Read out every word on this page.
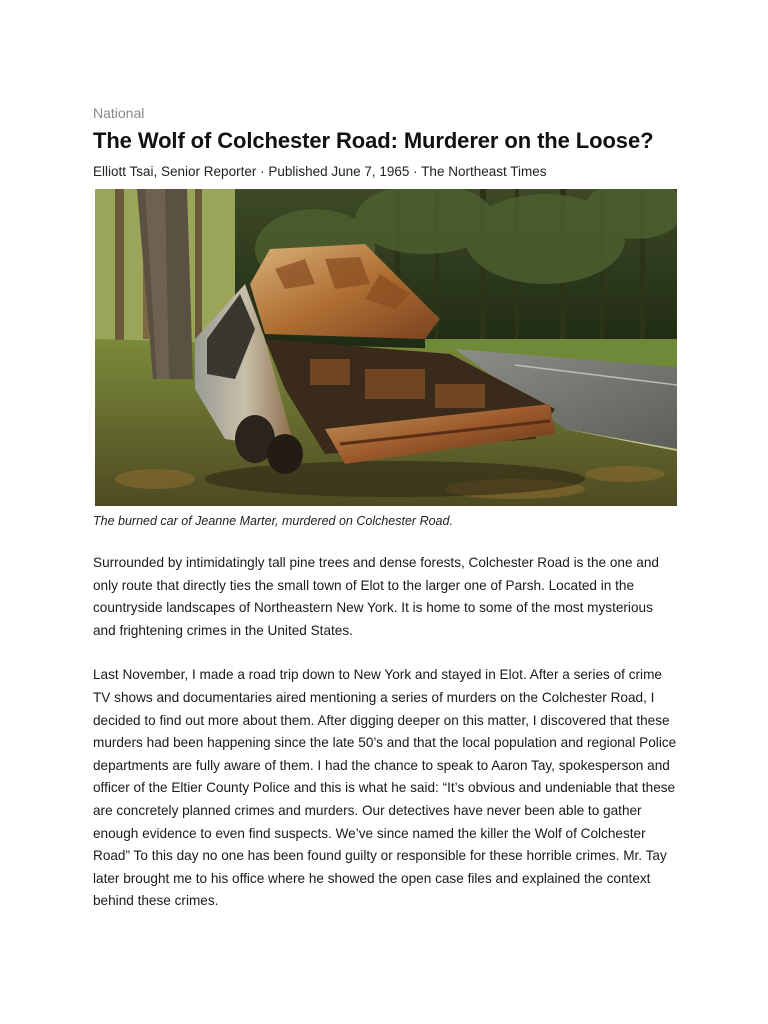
National

The Wolf of Colchester Road: Murderer on the Loose?

Elliott Tsai, Senior Reporter · Published June 7, 1965 · The Northeast Times

The burned car of Jeanne Marter, murdered on Colchester Road.

Surrounded by intimidatingly tall pine trees and dense forests, Colchester Road is the one and only route that directly ties the small town of Elot to the larger one of Parsh. Located in the countryside landscapes of Northeastern New York. It is home to some of the most mysterious and frightening crimes in the United States.

Last November, I made a road trip down to New York and stayed in Elot. After a series of crime TV shows and documentaries aired mentioning a series of murders on the Colchester Road, I decided to find out more about them. After digging deeper on this matter, I discovered that these murders had been happening since the late 50’s and that the local population and regional Police departments are fully aware of them. I had the chance to speak to Aaron Tay, spokesperson and officer of the Eltier County Police and this is what he said: “It’s obvious and undeniable that these are concretely planned crimes and murders. Our detectives have never been able to gather enough evidence to even find suspects. We’ve since named the killer the Wolf of Colchester Road” To this day no one has been found guilty or responsible for these horrible crimes. Mr. Tay later brought me to his office where he showed the open case files and explained the context behind these crimes.
